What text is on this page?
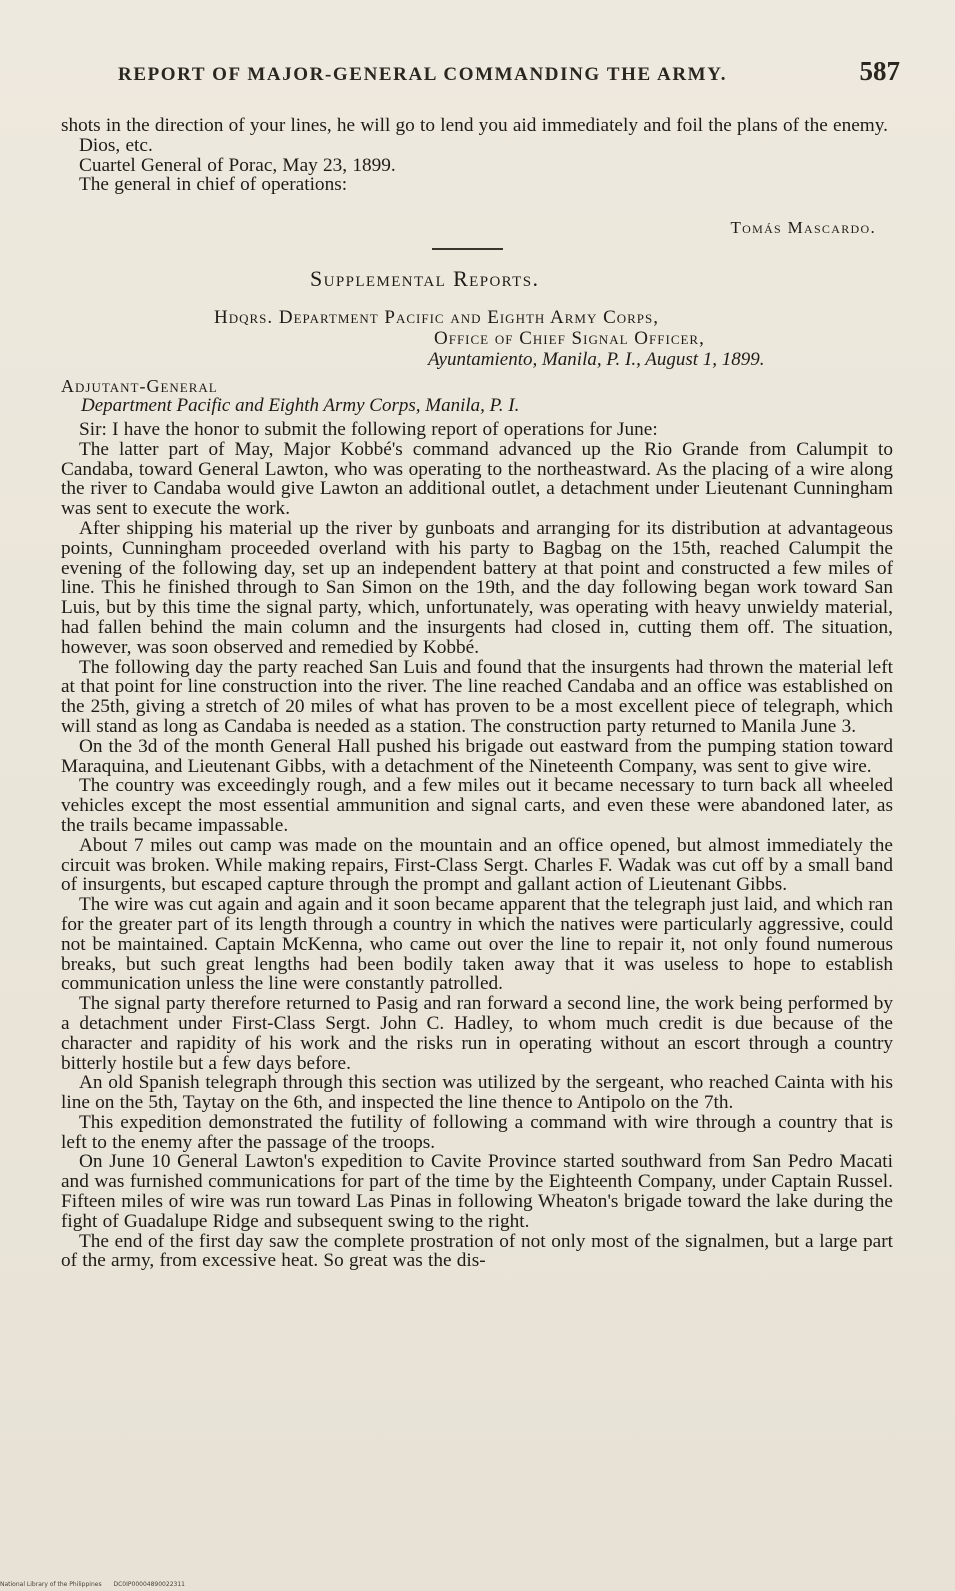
REPORT OF MAJOR-GENERAL COMMANDING THE ARMY.	587

shots in the direction of your lines, he will go to lend you aid immediately and foil the plans of the enemy.

Dios, etc.

Cuartel General of Porac, May 23, 1899.

The general in chief of operations:

Tomás Mascardo.
Supplemental Reports.
Hdqrs. Department Pacific and Eighth Army Corps,
Office of Chief Signal Officer,
Ayuntamiento, Manila, P. I., August 1, 1899.
Adjutant-General
Department Pacific and Eighth Army Corps, Manila, P. I.

Sir: I have the honor to submit the following report of operations for June:

The latter part of May, Major Kobbé's command advanced up the Rio Grande from Calumpit to Candaba, toward General Lawton, who was operating to the northeastward. As the placing of a wire along the river to Candaba would give Lawton an additional outlet, a detachment under Lieutenant Cunningham was sent to execute the work.

After shipping his material up the river by gunboats and arranging for its distribution at advantageous points, Cunningham proceeded overland with his party to Bagbag on the 15th, reached Calumpit the evening of the following day, set up an independent battery at that point and constructed a few miles of line. This he finished through to San Simon on the 19th, and the day following began work toward San Luis, but by this time the signal party, which, unfortunately, was operating with heavy unwieldy material, had fallen behind the main column and the insurgents had closed in, cutting them off. The situation, however, was soon observed and remedied by Kobbé.

The following day the party reached San Luis and found that the insurgents had thrown the material left at that point for line construction into the river. The line reached Candaba and an office was established on the 25th, giving a stretch of 20 miles of what has proven to be a most excellent piece of telegraph, which will stand as long as Candaba is needed as a station. The construction party returned to Manila June 3.

On the 3d of the month General Hall pushed his brigade out eastward from the pumping station toward Maraquina, and Lieutenant Gibbs, with a detachment of the Nineteenth Company, was sent to give wire.

The country was exceedingly rough, and a few miles out it became necessary to turn back all wheeled vehicles except the most essential ammunition and signal carts, and even these were abandoned later, as the trails became impassable.

About 7 miles out camp was made on the mountain and an office opened, but almost immediately the circuit was broken. While making repairs, First-Class Sergt. Charles F. Wadak was cut off by a small band of insurgents, but escaped capture through the prompt and gallant action of Lieutenant Gibbs.

The wire was cut again and again and it soon became apparent that the telegraph just laid, and which ran for the greater part of its length through a country in which the natives were particularly aggressive, could not be maintained. Captain McKenna, who came out over the line to repair it, not only found numerous breaks, but such great lengths had been bodily taken away that it was useless to hope to establish communication unless the line were constantly patrolled.

The signal party therefore returned to Pasig and ran forward a second line, the work being performed by a detachment under First-Class Sergt. John C. Hadley, to whom much credit is due because of the character and rapidity of his work and the risks run in operating without an escort through a country bitterly hostile but a few days before.

An old Spanish telegraph through this section was utilized by the sergeant, who reached Cainta with his line on the 5th, Taytay on the 6th, and inspected the line thence to Antipolo on the 7th.

This expedition demonstrated the futility of following a command with wire through a country that is left to the enemy after the passage of the troops.

On June 10 General Lawton's expedition to Cavite Province started southward from San Pedro Macati and was furnished communications for part of the time by the Eighteenth Company, under Captain Russel. Fifteen miles of wire was run toward Las Pinas in following Wheaton's brigade toward the lake during the fight of Guadalupe Ridge and subsequent swing to the right.

The end of the first day saw the complete prostration of not only most of the signalmen, but a large part of the army, from excessive heat. So great was the dis-

National Library of the Philippines DC0IP00004890022311
